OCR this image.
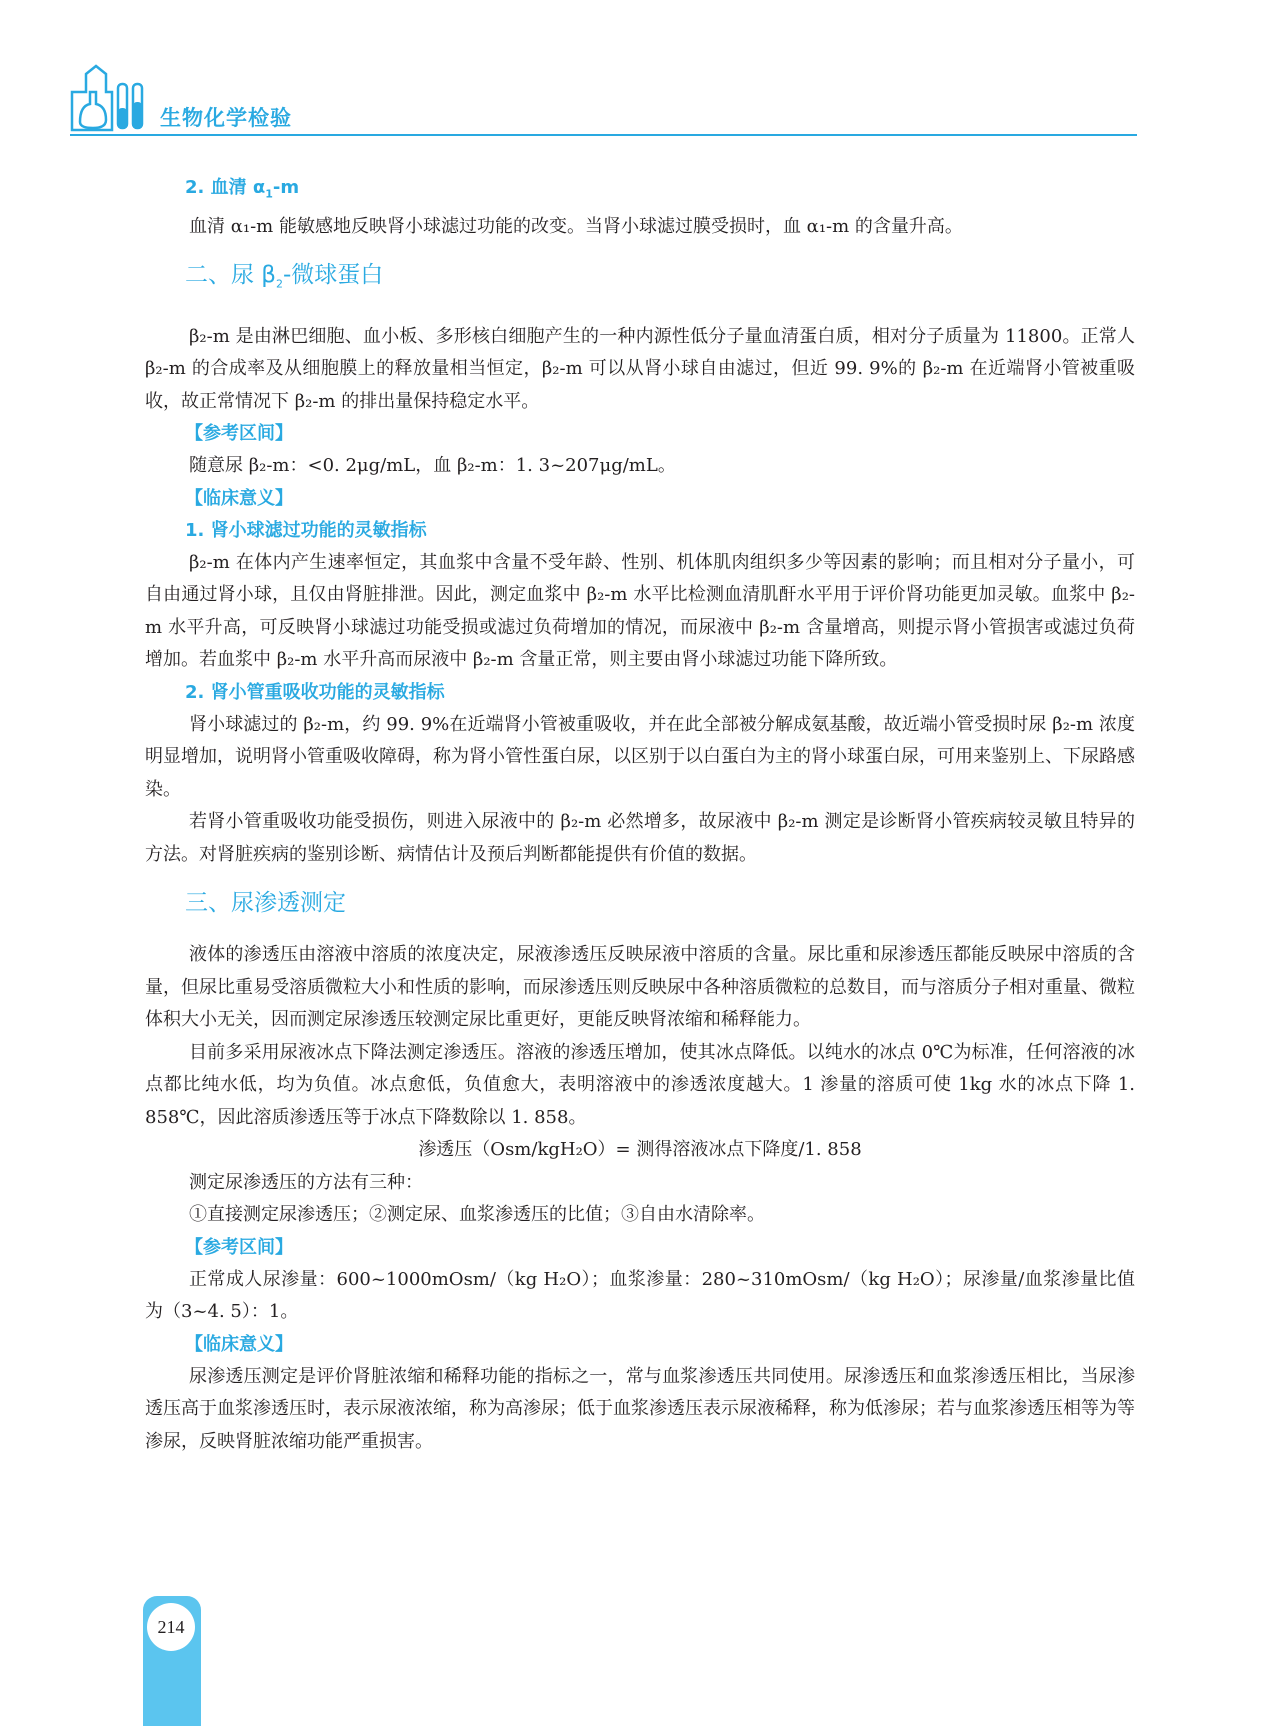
生物化学检验
2. 血清 $\alpha_1-m$

血清 α₁-m 能敏感地反映肾小球滤过功能的改变。当肾小球滤过膜受损时，血 α₁-m 的含量升高。

二、尿 $\beta_2-$微球蛋白

β₂-m 是由淋巴细胞、血小板、多形核白细胞产生的一种内源性低分子量血清蛋白质，相对分子质量为 11800。正常人 β₂-m 的合成率及从细胞膜上的释放量相当恒定，β₂-m 可以从肾小球自由滤过，但近 99. 9%的 β₂-m 在近端肾小管被重吸收，故正常情况下 β₂-m 的排出量保持稳定水平。

【参考区间】

随意尿 β₂-m：<0. 2μg/mL，血 β₂-m：1. 3~207μg/mL。

【临床意义】
1. 肾小球滤过功能的灵敏指标

β₂-m 在体内产生速率恒定，其血浆中含量不受年龄、性别、机体肌肉组织多少等因素的影响；而且相对分子量小，可自由通过肾小球，且仅由肾脏排泄。因此，测定血浆中 β₂-m 水平比检测血清肌酐水平用于评价肾功能更加灵敏。血浆中 β₂-m 水平升高，可反映肾小球滤过功能受损或滤过负荷增加的情况，而尿液中 β₂-m 含量增高，则提示肾小管损害或滤过负荷增加。若血浆中 β₂-m 水平升高而尿液中 β₂-m 含量正常，则主要由肾小球滤过功能下降所致。

2. 肾小管重吸收功能的灵敏指标

肾小球滤过的 β₂-m，约 99. 9%在近端肾小管被重吸收，并在此全部被分解成氨基酸，故近端小管受损时尿 β₂-m 浓度明显增加，说明肾小管重吸收障碍，称为肾小管性蛋白尿，以区别于以白蛋白为主的肾小球蛋白尿，可用来鉴别上、下尿路感染。

若肾小管重吸收功能受损伤，则进入尿液中的 β₂-m 必然增多，故尿液中 β₂-m 测定是诊断肾小管疾病较灵敏且特异的方法。对肾脏疾病的鉴别诊断、病情估计及预后判断都能提供有价值的数据。

三、尿渗透测定

液体的渗透压由溶液中溶质的浓度决定，尿液渗透压反映尿液中溶质的含量。尿比重和尿渗透压都能反映尿中溶质的含量，但尿比重易受溶质微粒大小和性质的影响，而尿渗透压则反映尿中各种溶质微粒的总数目，而与溶质分子相对重量、微粒体积大小无关，因而测定尿渗透压较测定尿比重更好，更能反映肾浓缩和稀释能力。

目前多采用尿液冰点下降法测定渗透压。溶液的渗透压增加，使其冰点降低。以纯水的冰点 0℃为标准，任何溶液的冰点都比纯水低，均为负值。冰点愈低，负值愈大，表明溶液中的渗透浓度越大。1 渗量的溶质可使 1kg 水的冰点下降 1. 858℃，因此溶质渗透压等于冰点下降数除以 1. 858。

渗透压（Osm/kgH₂O）= 测得溶液冰点下降度/1. 858

测定尿渗透压的方法有三种：

①直接测定尿渗透压；②测定尿、血浆渗透压的比值；③自由水清除率。

【参考区间】

正常成人尿渗量：600~1000mOsm/（kg H₂O）；血浆渗量：280~310mOsm/（kg H₂O）；尿渗量/血浆渗量比值为（3~4. 5）：1。

【临床意义】

尿渗透压测定是评价肾脏浓缩和稀释功能的指标之一，常与血浆渗透压共同使用。尿渗透压和血浆渗透压相比，当尿渗透压高于血浆渗透压时，表示尿液浓缩，称为高渗尿；低于血浆渗透压表示尿液稀释，称为低渗尿；若与血浆渗透压相等为等渗尿，反映肾脏浓缩功能严重损害。

214
